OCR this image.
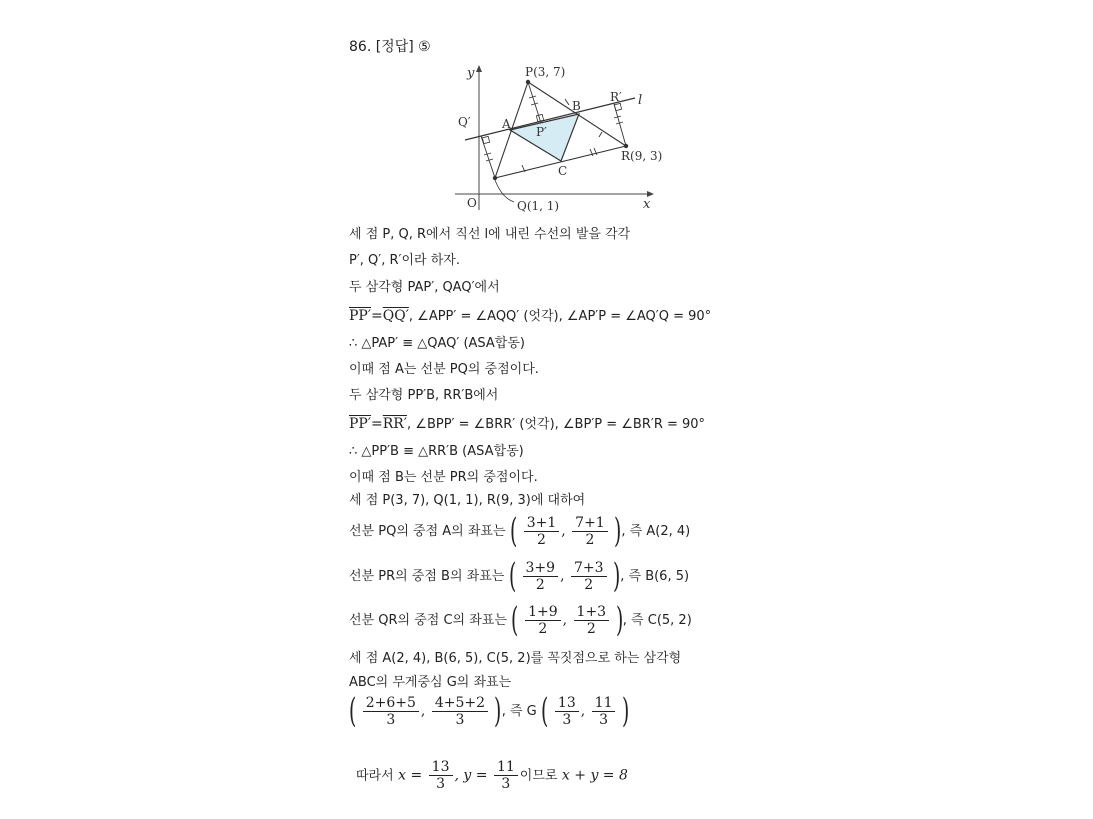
86. [정답] ⑤
y	P(3, 7)
B
R′ l
Q′	A
P′
R(9, 3)
C
O	Q(1, 1)	x
세 점 P, Q, R에서 직선 l에 내린 수선의 발을 각각
P′, Q′, R′이라 하자.
두 삼각형 PAP′, QAQ′에서
PP′=QQ′, ∠APP′ = ∠AQQ′ (엇각), ∠AP′P = ∠AQ′Q = 90°
∴ △PAP′ ≡ △QAQ′ (ASA합동)
이때 점 A는 선분 PQ의 중점이다.
두 삼각형 PP′B, RR′B에서
PP′=RR′, ∠BPP′ = ∠BRR′ (엇각), ∠BP′P = ∠BR′R = 90°
∴ △PP′B ≡ △RR′B (ASA합동)
이때 점 B는 선분 PR의 중점이다.
세 점 P(3, 7), Q(1, 1), R(9, 3)에 대하여
선분 PQ의 중점 A의 좌표는 ( $\frac{3+1}{2}$ , $\frac{7+1}{2}$ ), 즉 A(2, 4)
선분 PR의 중점 B의 좌표는 ( $\frac{3+9}{2}$ , $\frac{7+3}{2}$ ), 즉 B(6, 5)
선분 QR의 중점 C의 좌표는 ( $\frac{1+9}{2}$ , $\frac{1+3}{2}$ ), 즉 C(5, 2)
세 점 A(2, 4), B(6, 5), C(5, 2)를 꼭짓점으로 하는 삼각형
ABC의 무게중심 G의 좌표는
( $\frac{2+6+5}{3}$ , $\frac{4+5+2}{3}$ ), 즉 G ( $\frac{13}{3}$ , $\frac{11}{3}$ )
따라서 $x = \frac{13}{3}$ , $y = \frac{11}{3}$ 이므로 x + y = 8
